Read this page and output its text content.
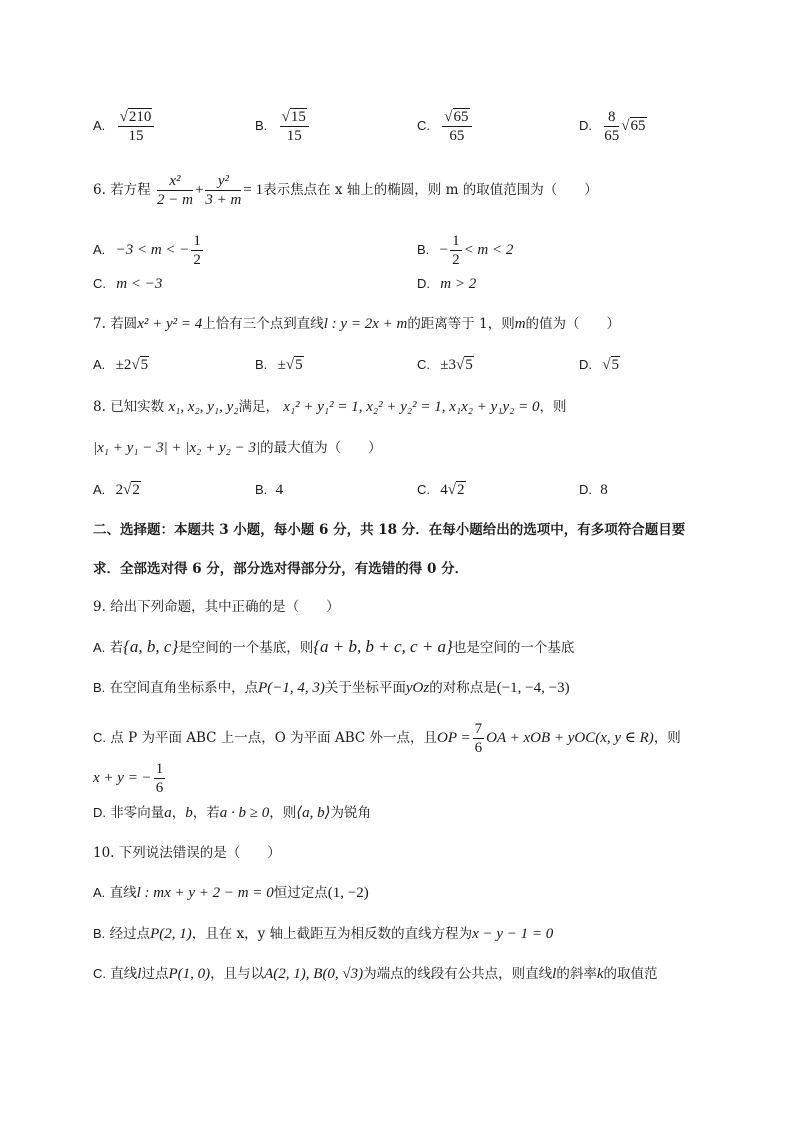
A. $\frac{√210}{15}$	B. $\frac{√15}{15}$	C. $\frac{√65}{65}$	D. $\frac{8}{65} √65$
6. 若方程 $\frac{\text{x²}}{2 - m} + \frac{\text{y²}}{3 + m} = 1$表示焦点在 x 轴上的椭圆，则 m 的取值范围为（　　）
A. −3 < m < − $\frac{1}{2}$	B. − $\frac{1}{2} < m < 2$
C. m < −3	D. m > 2
7. 若圆x² + y² = 4上恰有三个点到直线l : y = 2x + m的距离等于 1，则m的值为（　　）
A. ±2√5	B. ±√5	C. ±3√5	D. √5
8. 已知实数 x₁, x₂, y₁, y₂满足， x₁² + y₁² = 1, x₂² + y₂² = 1, x₁x₂ + y₁y₂ = 0，则
|x₁ + y₁ − 3| + |x₂ + y₂ − 3|的最大值为（　　）
A. 2√2	B. 4	C. 4√2	D. 8
二、选择题：本题共 3 小题，每小题 6 分，共 18 分．在每小题给出的选项中，有多项符合题目要
求．全部选对得 6 分，部分选对得部分分，有选错的得 0 分．
9. 给出下列命题，其中正确的是（　　）
A. 若{a, b, c}是空间的一个基底，则{a + b, b + c, c + a}也是空间的一个基底
B. 在空间直角坐标系中，点P(−1, 4, 3)关于坐标平面yOz的对称点是(−1, −4, −3)
C. 点 P 为平面 ABC 上一点，O 为平面 ABC 外一点，且OP = $\frac{7}{6}$ OA + xOB + yOC(x, y ∈ R)，则
x + y = − $\frac{1}{6}$
D. 非零向量a，b，若a · b ≥ 0，则⟨a, b⟩为锐角
10. 下列说法错误的是（　　）
A. 直线l : mx + y + 2 − m = 0恒过定点(1, −2)
B. 经过点P(2, 1)，且在 x，y 轴上截距互为相反数的直线方程为x − y − 1 = 0
C. 直线l过点P(1, 0)，且与以A(2, 1), B(0, √3)为端点的线段有公共点，则直线l的斜率k的取值范
